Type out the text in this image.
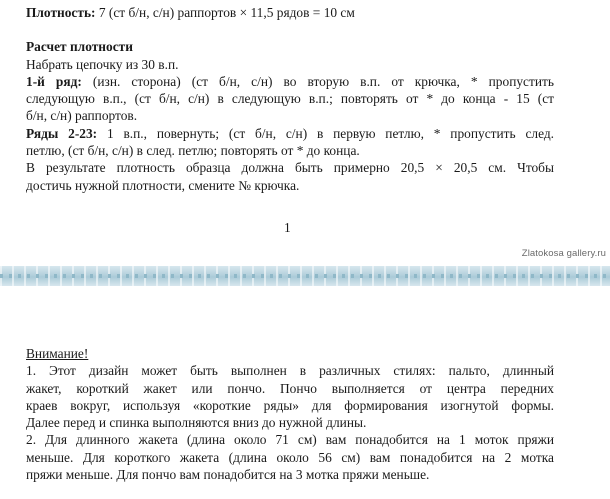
Плотность: 7 (ст б/н, с/н) раппортов × 11,5 рядов = 10 см

Расчет плотности

Набрать цепочку из 30 в.п.

1-й ряд: (изн. сторона) (ст б/н, с/н) во вторую в.п. от крючка, * пропустить

следующую в.п., (ст б/н, с/н) в следующую в.п.; повторять от * до конца - 15 (ст

б/н, с/н) раппортов.

Ряды 2-23: 1 в.п., повернуть; (ст б/н, с/н) в первую петлю, * пропустить след.

петлю, (ст б/н, с/н) в след. петлю; повторять от * до конца.

В результате плотность образца должна быть примерно 20,5 × 20,5 см. Чтобы

достичь нужной плотности, смените № крючка.

1
Zlatokosa gallery.ru

Внимание!

1. Этот дизайн может быть выполнен в различных стилях: пальто, длинный

жакет, короткий жакет или пончо. Пончо выполняется от центра передних

краев вокруг, используя «короткие ряды» для формирования изогнутой формы.

Далее перед и спинка выполняются вниз до нужной длины.

2. Для длинного жакета (длина около 71 см) вам понадобится на 1 моток пряжи

меньше. Для короткого жакета (длина около 56 см) вам понадобится на 2 мотка

пряжи меньше. Для пончо вам понадобится на 3 мотка пряжи меньше.
